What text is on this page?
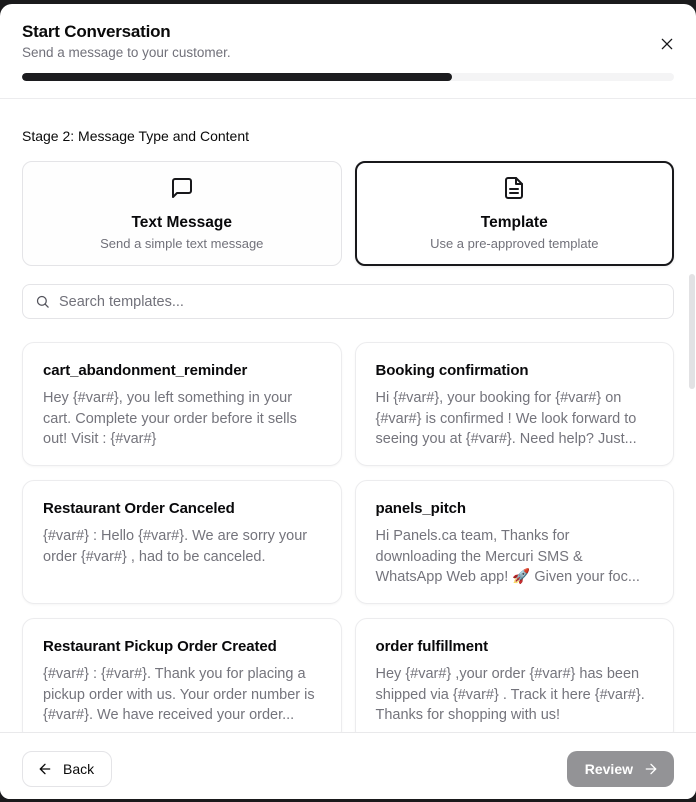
Start Conversation
Send a message to your customer.
Stage 2: Message Type and Content
Text Message
Send a simple text message
Template
Use a pre-approved template
Search templates...
cart_abandonment_reminder
Hey {#var#}, you left something in your cart. Complete your order before it sells out! Visit : {#var#}
Booking confirmation
Hi {#var#}, your booking for {#var#} on {#var#} is confirmed ! We look forward to seeing you at {#var#}. Need help? Just...
Restaurant Order Canceled
{#var#} : Hello {#var#}. We are sorry your order {#var#} , had to be canceled.
panels_pitch
Hi Panels.ca team, Thanks for downloading the Mercuri SMS & WhatsApp Web app! 🚀 Given your foc...
Restaurant Pickup Order Created
{#var#} : {#var#}. Thank you for placing a pickup order with us. Your order number is {#var#}. We have received your order...
order fulfillment
Hey {#var#} ,your order {#var#} has been shipped via {#var#} . Track it here {#var#}. Thanks for shopping with us!
Back	Review
